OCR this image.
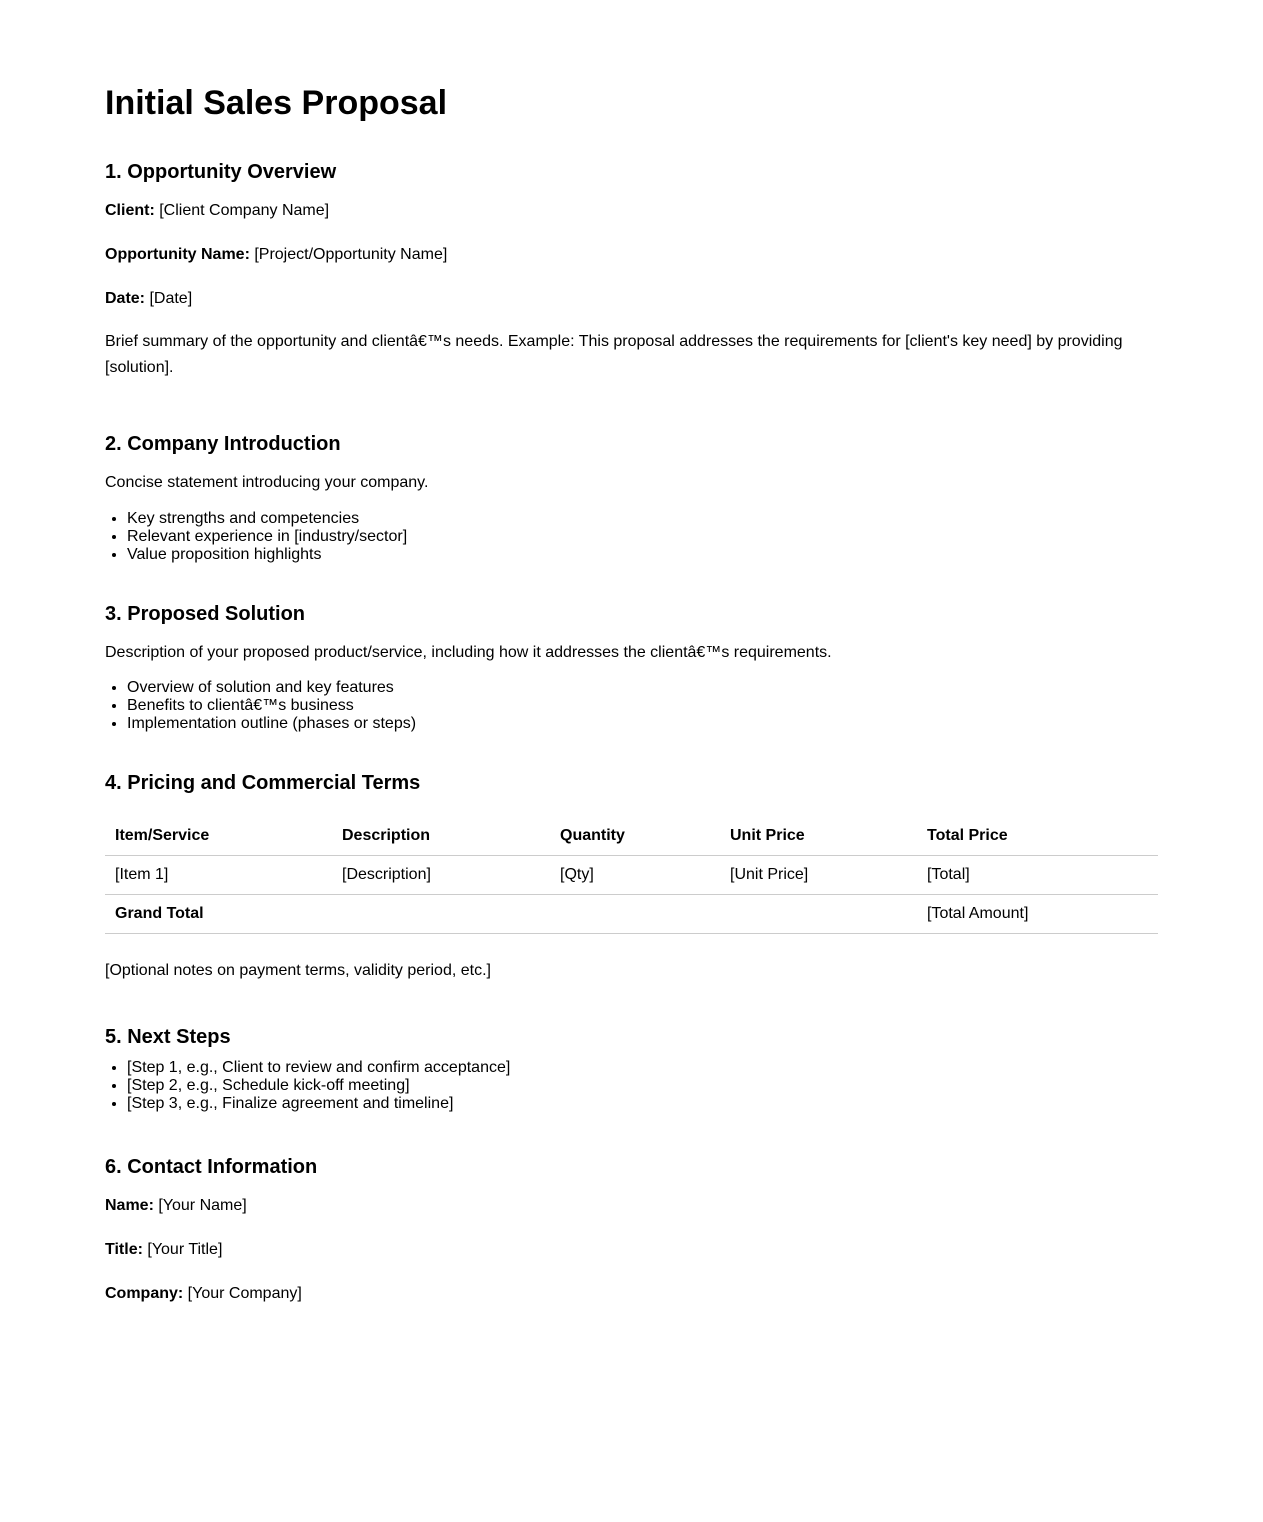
Initial Sales Proposal
1. Opportunity Overview

Client: [Client Company Name]

Opportunity Name: [Project/Opportunity Name]

Date: [Date]

Brief summary of the opportunity and clientâ€™s needs. Example: This proposal addresses the requirements for [client's key need] by providing [solution].

2. Company Introduction

Concise statement introducing your company.

• Key strengths and competencies
• Relevant experience in [industry/sector]
• Value proposition highlights
3. Proposed Solution

Description of your proposed product/service, including how it addresses the clientâ€™s requirements.

• Overview of solution and key features
• Benefits to clientâ€™s business
• Implementation outline (phases or steps)
4. Pricing and Commercial Terms
Item/Service	Description	Quantity	Unit Price	Total Price
[Item 1]	[Description]	[Qty]	[Unit Price]	[Total]
Grand Total				[Total Amount]

[Optional notes on payment terms, validity period, etc.]

5. Next Steps
• [Step 1, e.g., Client to review and confirm acceptance]
• [Step 2, e.g., Schedule kick-off meeting]
• [Step 3, e.g., Finalize agreement and timeline]
6. Contact Information

Name: [Your Name]

Title: [Your Title]

Company: [Your Company]
